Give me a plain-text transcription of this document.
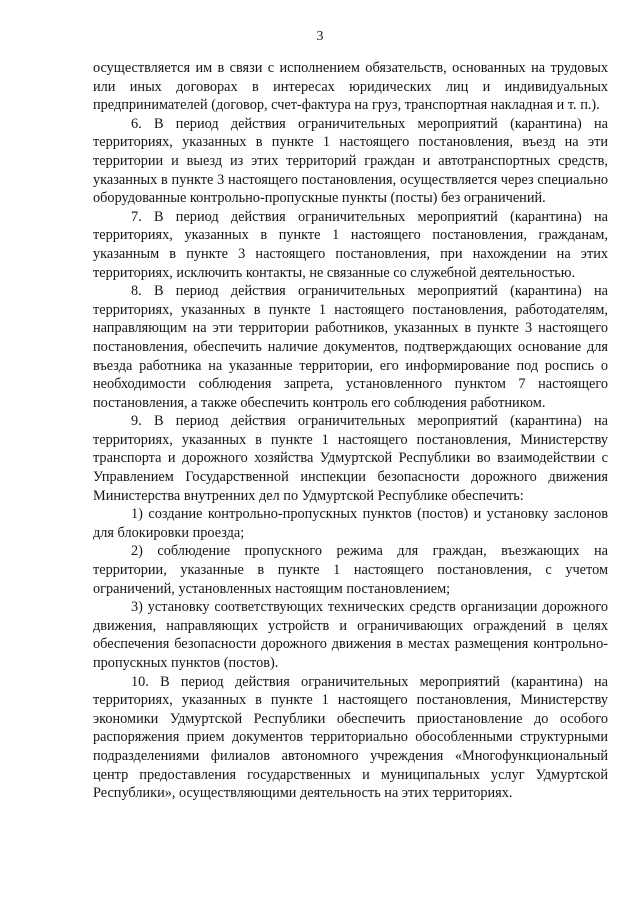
3

осуществляется им в связи с исполнением обязательств, основанных на трудовых или иных договорах в интересах юридических лиц и индивидуальных предпринимателей (договор, счет-фактура на груз, транспортная накладная и т. п.).

6. В период действия ограничительных мероприятий (карантина) на территориях, указанных в пункте 1 настоящего постановления, въезд на эти территории и выезд из этих территорий граждан и автотранспортных средств, указанных в пункте 3 настоящего постановления, осуществляется через специально оборудованные контрольно-пропускные пункты (посты) без ограничений.

7. В период действия ограничительных мероприятий (карантина) на территориях, указанных в пункте 1 настоящего постановления, гражданам, указанным в пункте 3 настоящего постановления, при нахождении на этих территориях, исключить контакты, не связанные со служебной деятельностью.

8. В период действия ограничительных мероприятий (карантина) на территориях, указанных в пункте 1 настоящего постановления, работодателям, направляющим на эти территории работников, указанных в пункте 3 настоящего постановления, обеспечить наличие документов, подтверждающих основание для въезда работника на указанные территории, его информирование под роспись о необходимости соблюдения запрета, установленного пунктом 7 настоящего постановления, а также обеспечить контроль его соблюдения работником.

9. В период действия ограничительных мероприятий (карантина) на территориях, указанных в пункте 1 настоящего постановления, Министерству транспорта и дорожного хозяйства Удмуртской Республики во взаимодействии с Управлением Государственной инспекции безопасности дорожного движения Министерства внутренних дел по Удмуртской Республике обеспечить:

1) создание контрольно-пропускных пунктов (постов) и установку заслонов для блокировки проезда;

2) соблюдение пропускного режима для граждан, въезжающих на территории, указанные в пункте 1 настоящего постановления, с учетом ограничений, установленных настоящим постановлением;

3) установку соответствующих технических средств организации дорожного движения, направляющих устройств и ограничивающих ограждений в целях обеспечения безопасности дорожного движения в местах размещения контрольно-пропускных пунктов (постов).

10. В период действия ограничительных мероприятий (карантина) на территориях, указанных в пункте 1 настоящего постановления, Министерству экономики Удмуртской Республики обеспечить приостановление до особого распоряжения прием документов территориально обособленными структурными подразделениями филиалов автономного учреждения «Многофункциональный центр предоставления государственных и муниципальных услуг Удмуртской Республики», осуществляющими деятельность на этих территориях.
